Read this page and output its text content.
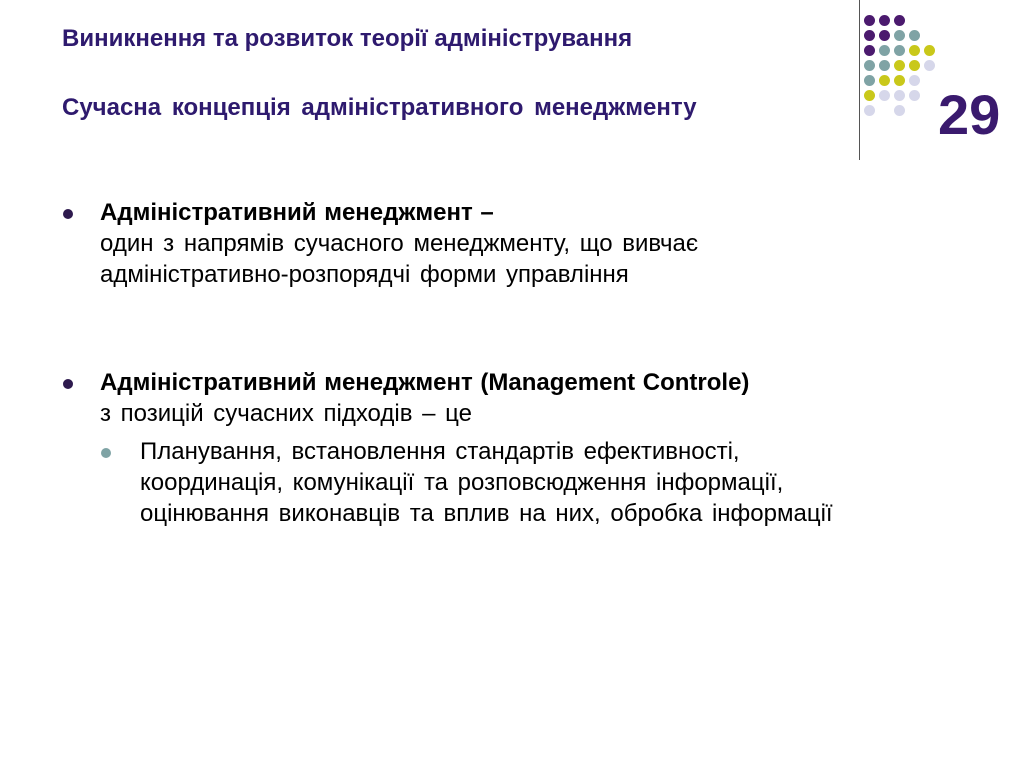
Виникнення та розвиток теорії адміністрування
Сучасна концепція адміністративного менеджменту	29
Адміністративний менеджмент –
один з напрямів сучасного менеджменту, що вивчає
адміністративно-розпорядчі форми управління
Адміністративний менеджмент (Management Controle)
з позицій сучасних підходів – це
Планування, встановлення стандартів ефективності,
координація, комунікації та розповсюдження інформації,
оцінювання виконавців та вплив на них, обробка інформації
